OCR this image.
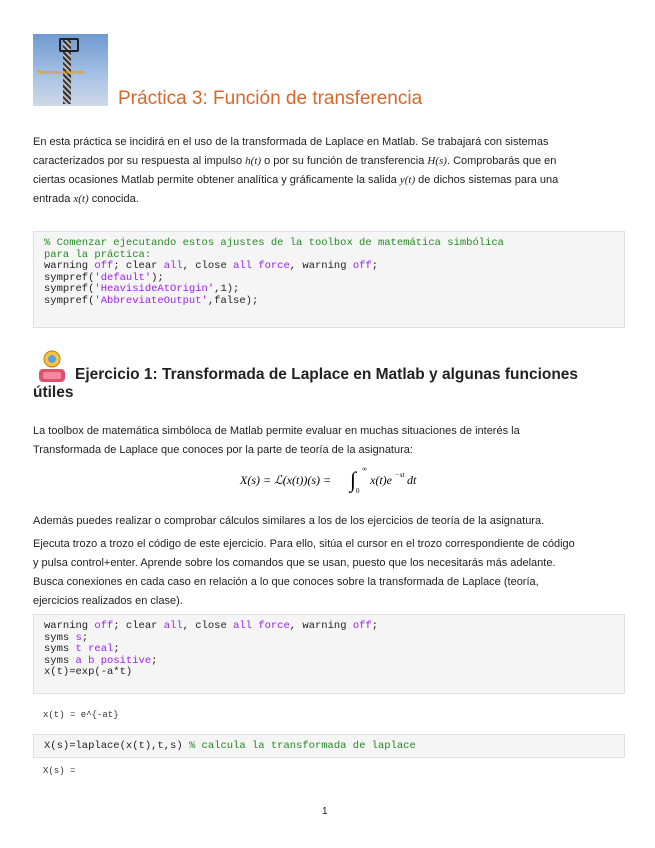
Telecomunicación
Práctica 3: Función de transferencia
En esta práctica se incidirá en el uso de la transformada de Laplace en Matlab. Se trabajará con sistemas
caracterizados por su respuesta al impulso h(t) o por su función de transferencia H(s). Comprobarás que en
ciertas ocasiones Matlab permite obtener analítica y gráficamente la salida y(t) de dichos sistemas para una
entrada x(t) conocida.
% Comenzar ejecutando estos ajustes de la toolbox de matemática simbólica
para la práctica:
warning off; clear all, close all force, warning off;
sympref('default');
sympref('HeavisideAtOrigin',1);
sympref('AbbreviateOutput',false);
Ejercicio 1: Transformada de Laplace en Matlab y algunas funciones
útiles
La toolbox de matemática simbóloca de Matlab permite evaluar en muchas situaciones de interés la
Transformada de Laplace que conoces por la parte de teoría de la asignatura:
X(s) = ℒ(x(t))(s) = ∫ ∞
0
x(t)e −st dt
Además puedes realizar o comprobar cálculos similares a los de los ejercicios de teoría de la asignatura.
Ejecuta trozo a trozo el código de este ejercicio. Para ello, sitúa el cursor en el trozo correspondiente de código
y pulsa control+enter. Aprende sobre los comandos que se usan, puesto que los necesitarás más adelante.
Busca conexiones en cada caso en relación a lo que conoces sobre la transformada de Laplace (teoría,
ejercicios realizados en clase).
warning off; clear all, close all force, warning off;
syms s;
syms t real;
syms a b positive;
x(t)=exp(-a*t)
x(t) = e^{-at}
X(s)=laplace(x(t),t,s) % calcula la transformada de laplace
X(s) =
1
